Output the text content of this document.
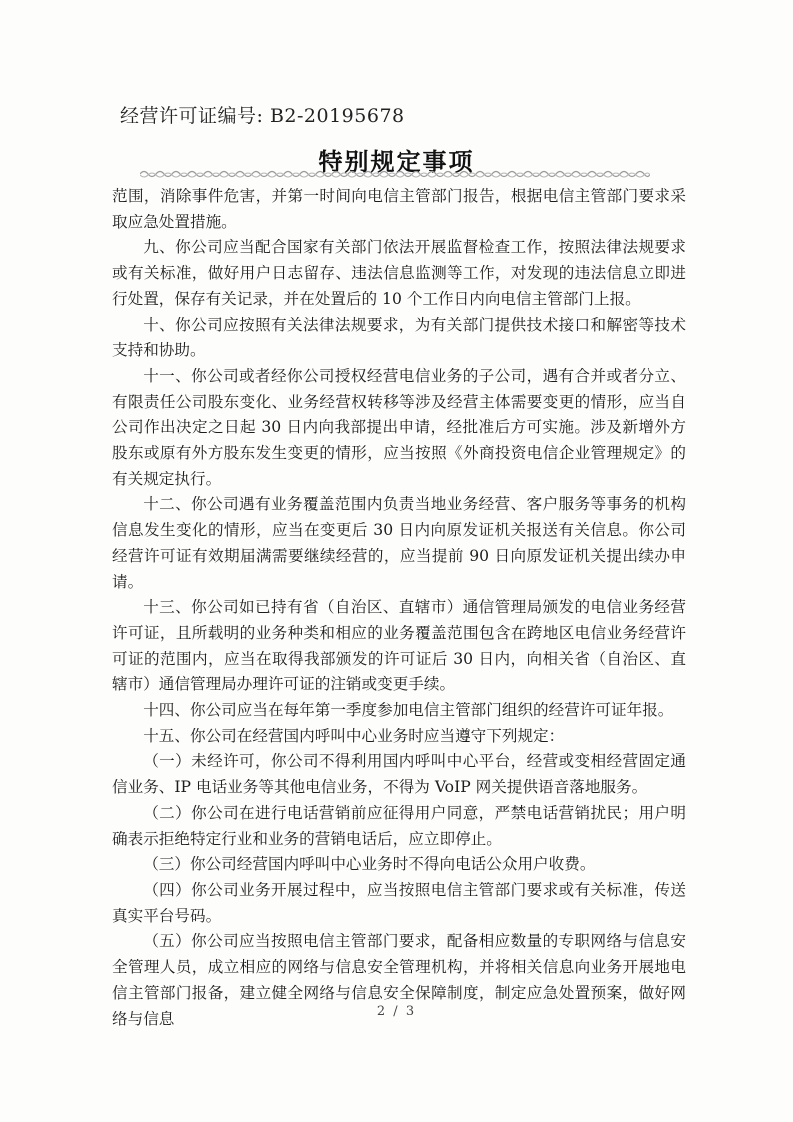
经营许可证编号: B2-20195678
特别规定事项

范围，消除事件危害，并第一时间向电信主管部门报告，根据电信主管部门要求采取应急处置措施。

九、你公司应当配合国家有关部门依法开展监督检查工作，按照法律法规要求或有关标准，做好用户日志留存、违法信息监测等工作，对发现的违法信息立即进行处置，保存有关记录，并在处置后的 10 个工作日内向电信主管部门上报。

十、你公司应按照有关法律法规要求，为有关部门提供技术接口和解密等技术支持和协助。

十一、你公司或者经你公司授权经营电信业务的子公司，遇有合并或者分立、有限责任公司股东变化、业务经营权转移等涉及经营主体需要变更的情形，应当自公司作出决定之日起 30 日内向我部提出申请，经批准后方可实施。涉及新增外方股东或原有外方股东发生变更的情形，应当按照《外商投资电信企业管理规定》的有关规定执行。

十二、你公司遇有业务覆盖范围内负责当地业务经营、客户服务等事务的机构信息发生变化的情形，应当在变更后 30 日内向原发证机关报送有关信息。你公司经营许可证有效期届满需要继续经营的，应当提前 90 日向原发证机关提出续办申请。

十三、你公司如已持有省（自治区、直辖市）通信管理局颁发的电信业务经营许可证，且所载明的业务种类和相应的业务覆盖范围包含在跨地区电信业务经营许可证的范围内，应当在取得我部颁发的许可证后 30 日内，向相关省（自治区、直辖市）通信管理局办理许可证的注销或变更手续。

十四、你公司应当在每年第一季度参加电信主管部门组织的经营许可证年报。

十五、你公司在经营国内呼叫中心业务时应当遵守下列规定：

（一）未经许可，你公司不得利用国内呼叫中心平台，经营或变相经营固定通信业务、IP 电话业务等其他电信业务，不得为 VoIP 网关提供语音落地服务。

（二）你公司在进行电话营销前应征得用户同意，严禁电话营销扰民；用户明确表示拒绝特定行业和业务的营销电话后，应立即停止。

（三）你公司经营国内呼叫中心业务时不得向电话公众用户收费。

（四）你公司业务开展过程中，应当按照电信主管部门要求或有关标准，传送真实平台号码。

（五）你公司应当按照电信主管部门要求，配备相应数量的专职网络与信息安全管理人员，成立相应的网络与信息安全管理机构，并将相关信息向业务开展地电信主管部门报备，建立健全网络与信息安全保障制度，制定应急处置预案，做好网络与信息	2 / 3
